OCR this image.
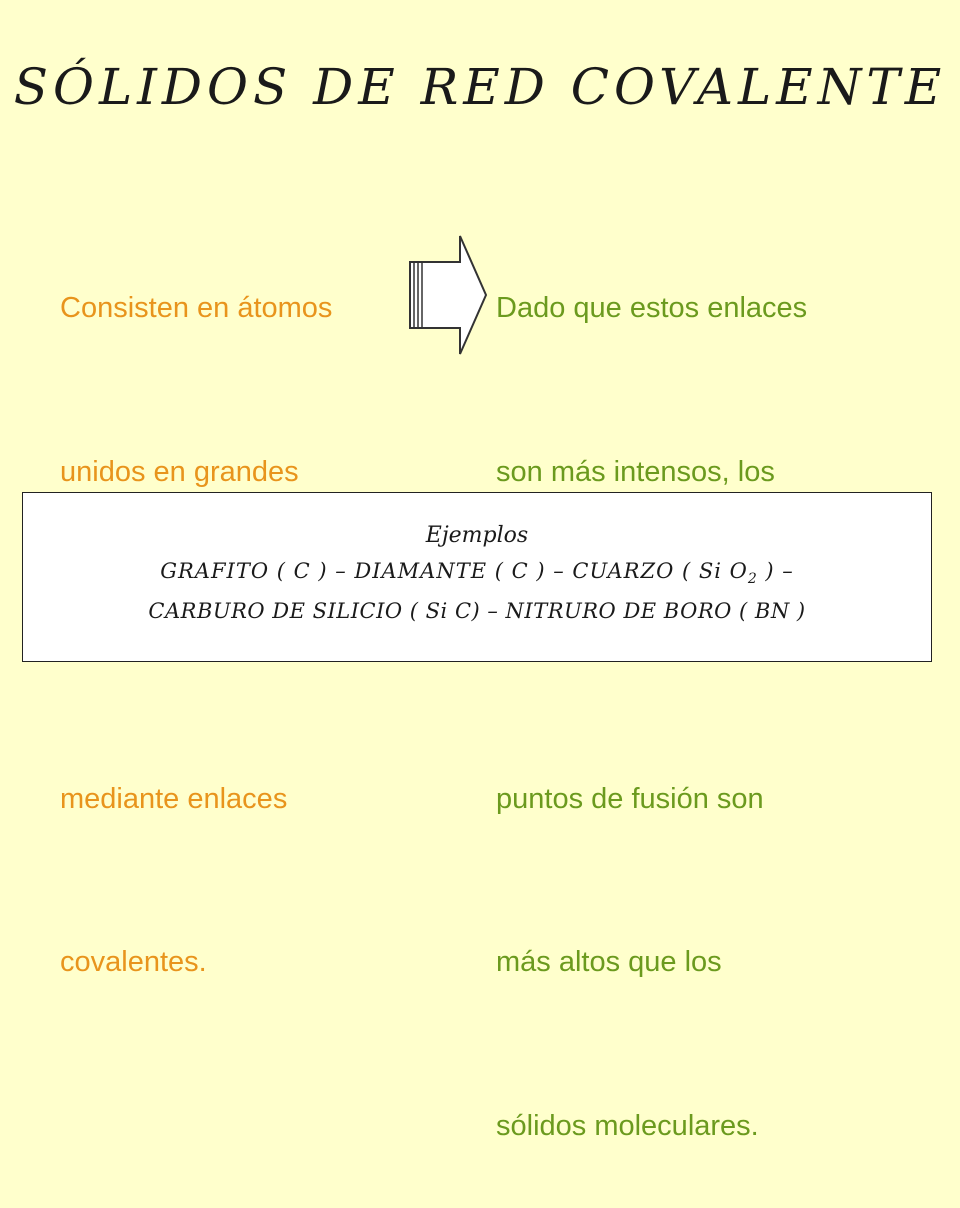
SÓLIDOS DE RED COVALENTE

Consisten en átomos

unidos en grandes

mediante enlaces

covalentes.

Dado que estos enlaces

son más intensos, los

puntos de fusión son

más altos que los

sólidos moleculares.

Ejemplos
GRAFITO ( C ) – DIAMANTE ( C ) – CUARZO ( Si $O_2$ ) –
CARBURO DE SILICIO ( Si C) – NITRURO DE BORO ( BN )
